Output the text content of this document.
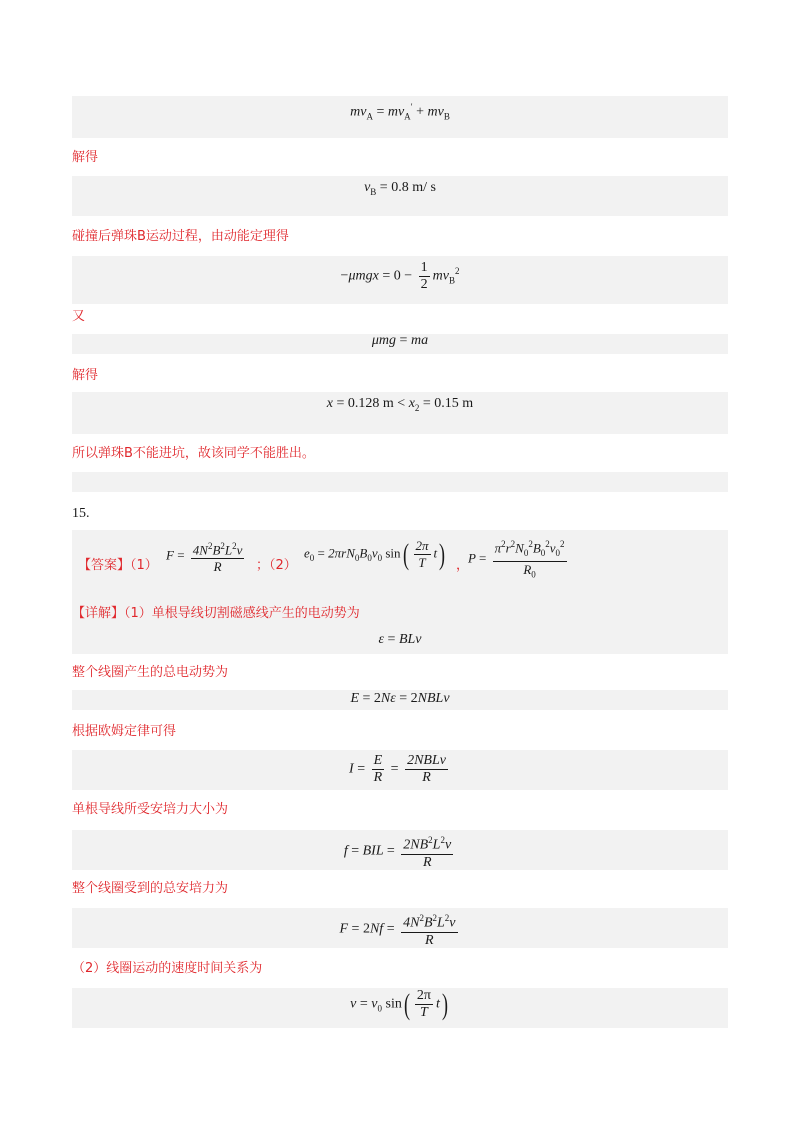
$mv_A = mv_A' + mv_B$
解得
$v_B = 0.8$ m/ s
碰撞后弹珠B运动过程，由动能定理得
$-\mu mgx = 0 - \frac{1}{2} mv_B^2$
又
μmg = ma
解得
x = 0.128 $m < x_2 = 0.15$ m
所以弹珠B不能进坑，故该同学不能胜出。
15.
【答案】（1）
$F = \frac{4N^2B^2L^2v}{R}$ ；（2）
$e_0 = 2\pi rN_0B_0v_0$ $\sin( \frac{2\pi}{T} t)$ ，
$P = \frac{\pi^2r^2N_0^2B_0^2v_0^2}{R_0}$
【详解】（1）单根导线切割磁感线产生的电动势为
ε = BLv
整个线圈产生的总电动势为
E = 2Nε = 2NBLv
根据欧姆定律可得
$I = \frac{E}{R} = \frac{\text{2NBLv}}{R}$
单根导线所受安培力大小为
f = BIL = $\frac{2NB^2L^2v}{R}$
整个线圈受到的总安培力为
$F = 2Nf = \frac{4N^2B^2L^2v}{R}$
（2）线圈运动的速度时间关系为
$v = v_0$ $\sin( \frac{2\pi}{T} t)$
